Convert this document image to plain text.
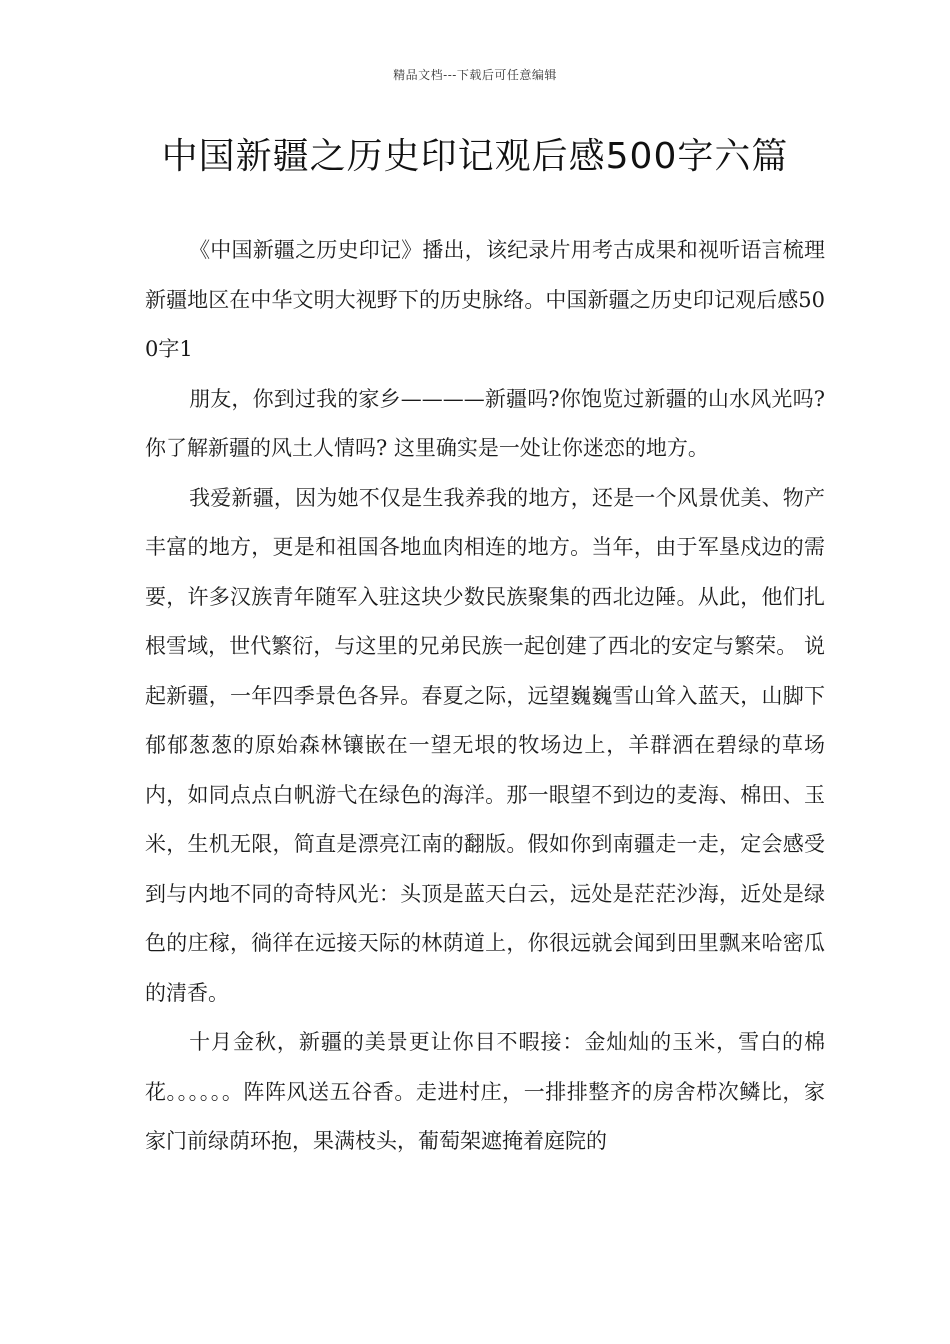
精品文档---下载后可任意编辑
中国新疆之历史印记观后感500字六篇

《中国新疆之历史印记》播出，该纪录片用考古成果和视听语言梳理新疆地区在中华文明大视野下的历史脉络。中国新疆之历史印记观后感500字1

朋友，你到过我的家乡————新疆吗?你饱览过新疆的山水风光吗?你了解新疆的风土人情吗? 这里确实是一处让你迷恋的地方。

我爱新疆，因为她不仅是生我养我的地方，还是一个风景优美、物产丰富的地方，更是和祖国各地血肉相连的地方。当年，由于军垦戍边的需要，许多汉族青年随军入驻这块少数民族聚集的西北边陲。从此，他们扎根雪域，世代繁衍，与这里的兄弟民族一起创建了西北的安定与繁荣。 说起新疆，一年四季景色各异。春夏之际，远望巍巍雪山耸入蓝天，山脚下郁郁葱葱的原始森林镶嵌在一望无垠的牧场边上，羊群洒在碧绿的草场内，如同点点白帆游弋在绿色的海洋。那一眼望不到边的麦海、棉田、玉米，生机无限，简直是漂亮江南的翻版。假如你到南疆走一走，定会感受到与内地不同的奇特风光：头顶是蓝天白云，远处是茫茫沙海，近处是绿色的庄稼，徜徉在远接天际的林荫道上，你很远就会闻到田里飘来哈密瓜的清香。

十月金秋，新疆的美景更让你目不暇接：金灿灿的玉米，雪白的棉花。。。。。。阵阵风送五谷香。走进村庄，一排排整齐的房舍栉次鳞比，家家门前绿荫环抱，果满枝头，葡萄架遮掩着庭院的
